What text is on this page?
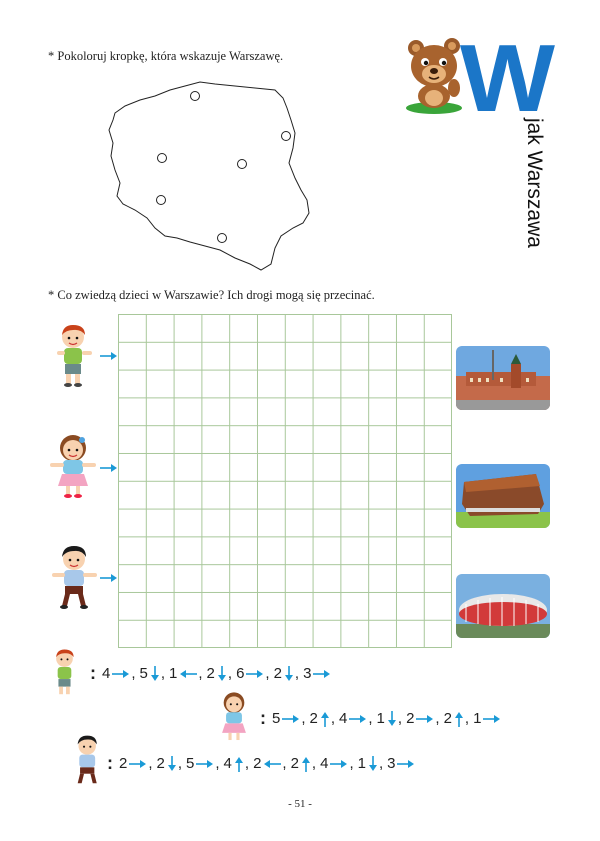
* Pokoloruj kropkę, która wskazuje Warszawę. W
jak Warszawa
* Co zwiedzą dzieci w Warszawie? Ich drogi mogą się przecinać.
: 4 , 5 , 1 , 2 , 6 , 2 , 3
: 5 , 2 , 4 , 1 , 2 , 2 , 1
: 2 , 2 , 5 , 4 , 2 , 2 , 4 , 1 , 3
- 51 -
